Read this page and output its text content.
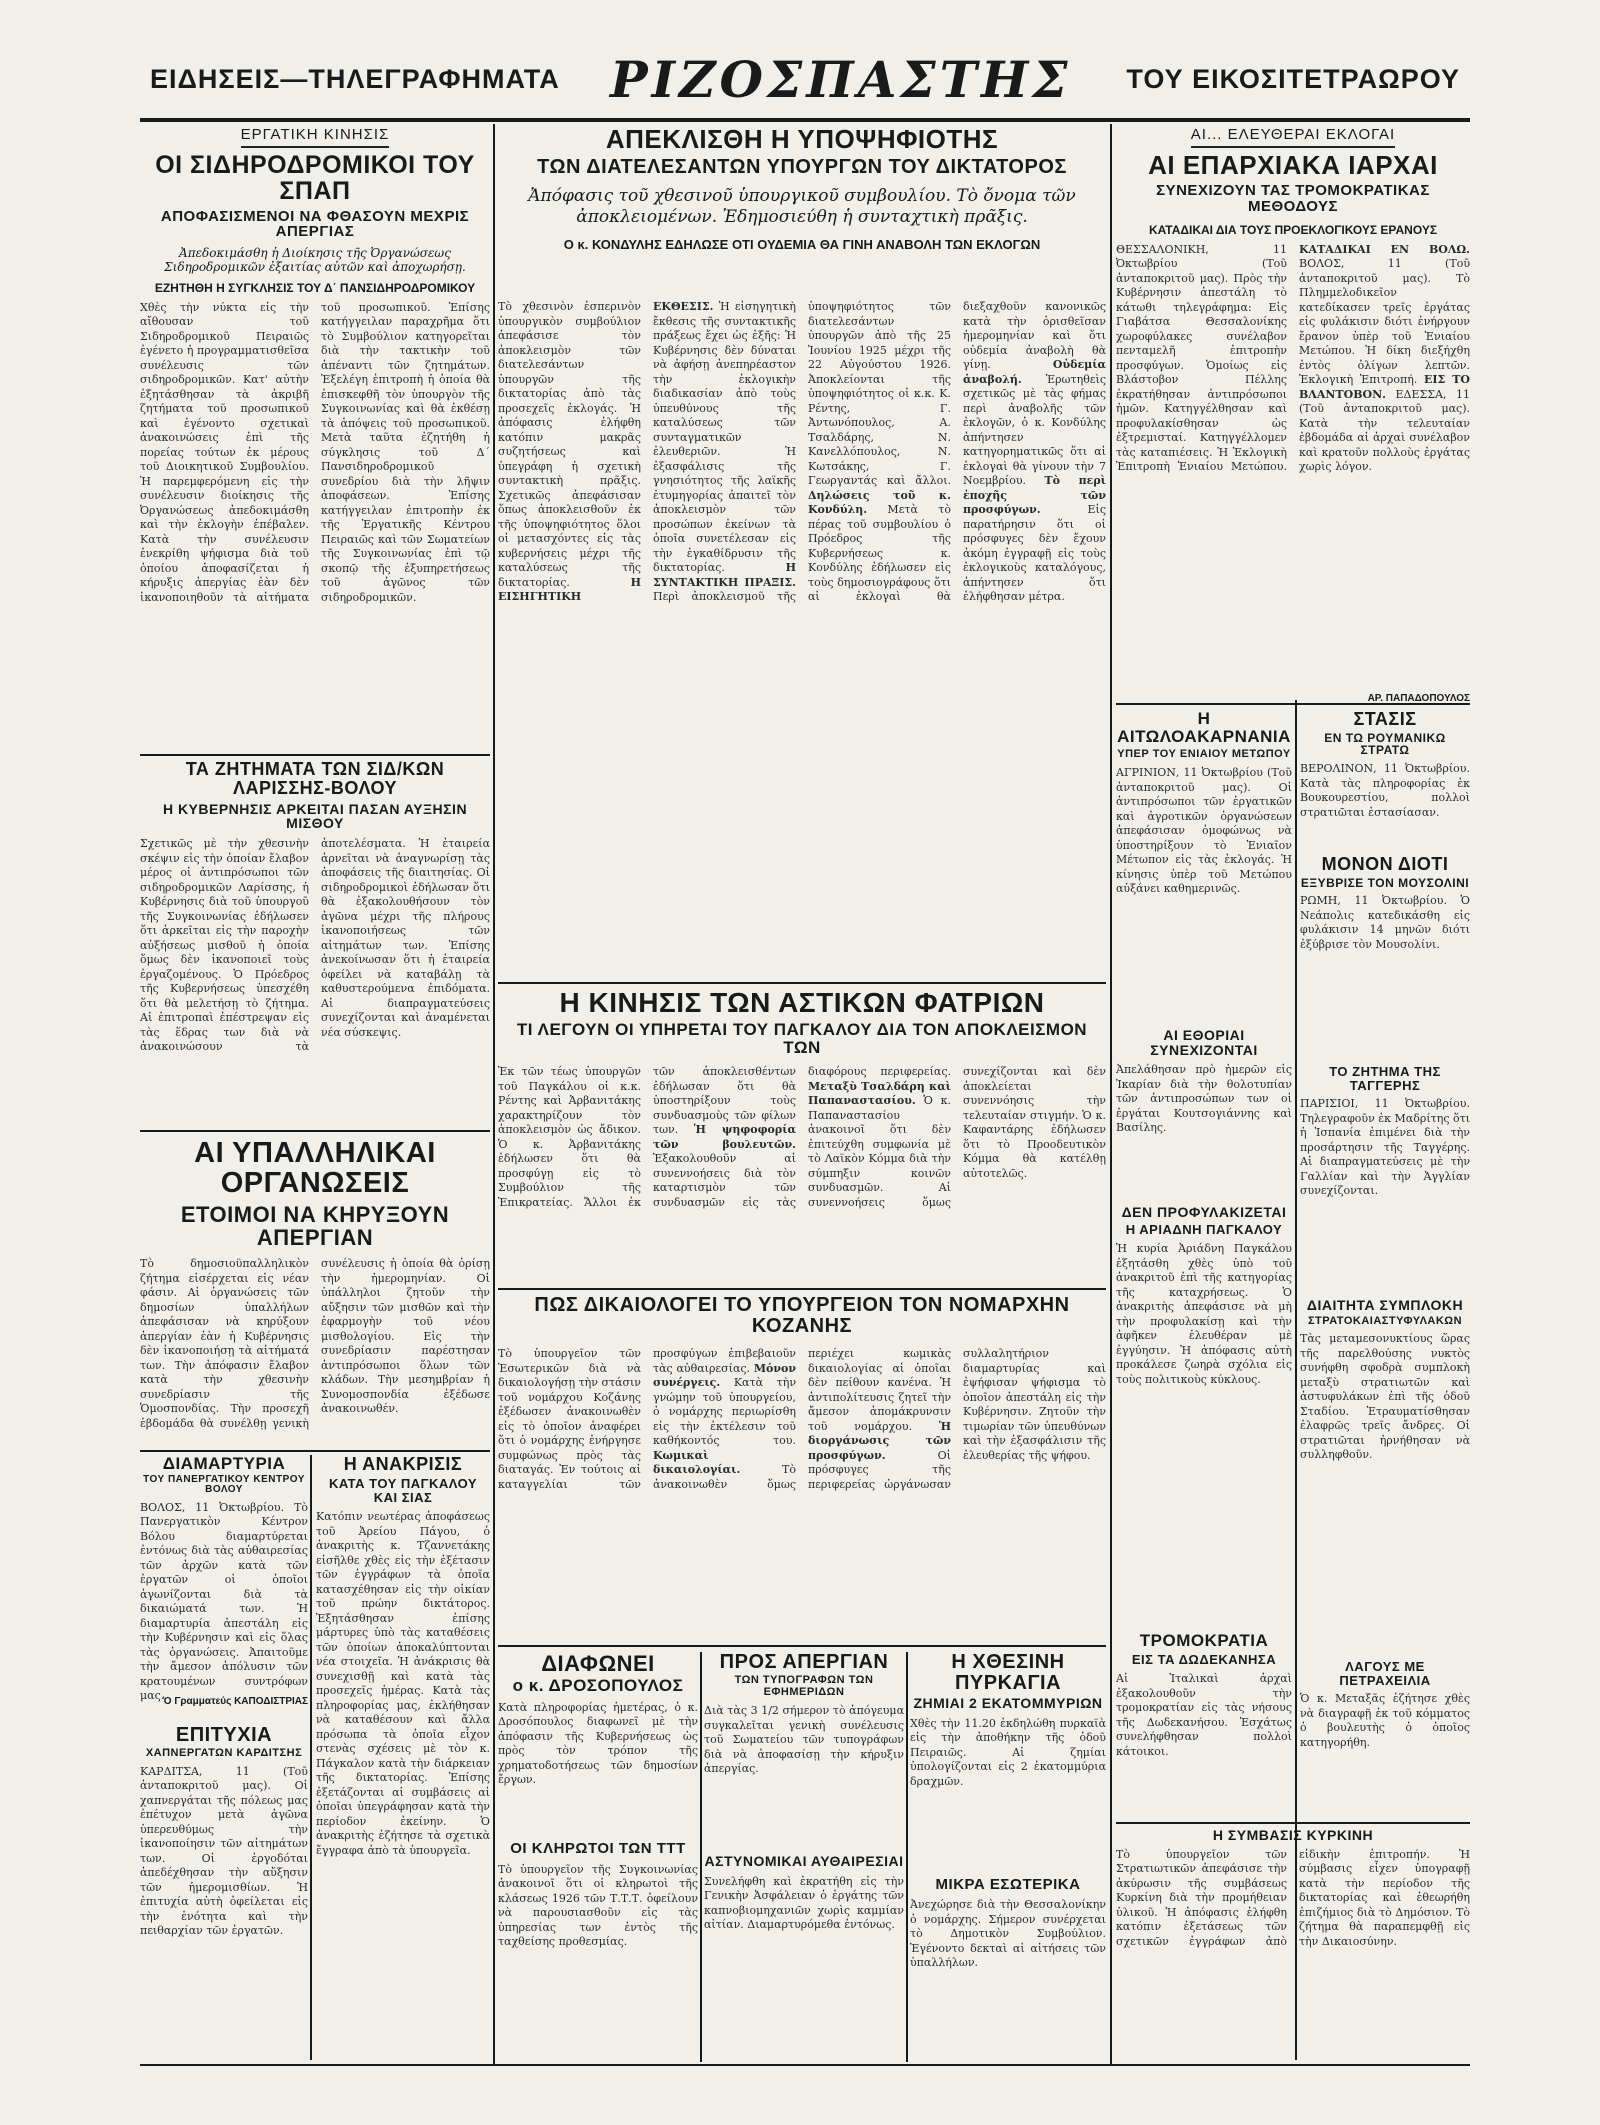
ΕΙΔΗΣΕΙΣ—ΤΗΛΕΓΡΑΦΗΜΑΤΑ ΡΙΖΟΣΠΑΣΤΗΣ ΤΟΥ ΕΙΚΟΣΙΤΕΤΡΑΩΡΟΥ
ΕΡΓΑΤΙΚΗ ΚΙΝΗΣΙΣ
ΟΙ ΣΙΔΗΡΟΔΡΟΜΙΚΟΙ ΤΟΥ ΣΠΑΠ
ΑΠΟΦΑΣΙΣΜΕΝΟΙ ΝΑ ΦΘΑΣΟΥΝ ΜΕΧΡΙΣ ΑΠΕΡΓΙΑΣ
Ἀπεδοκιμάσθη ἡ Διοίκησις τῆς Ὀργανώσεως Σιδηροδρομικῶν ἐξαιτίας αὐτῶν καὶ ἀποχωρήσῃ.
ΕΖΗΤΗΘΗ Η ΣΥΓΚΛΗΣΙΣ ΤΟΥ Δ΄ ΠΑΝΣΙΔΗΡΟΔΡΟΜΙΚΟΥ
Χθὲς τὴν νύκτα εἰς τὴν αἴθουσαν τοῦ Σιδηροδρομικοῦ Πειραιῶς ἐγένετο ἡ προγραμματισθεῖσα συνέλευσις τῶν σιδηροδρομικῶν. Κατ' αὐτὴν ἐξητάσθησαν τὰ ἀκριβῆ ζητήματα τοῦ προσωπικοῦ καὶ ἐγένοντο σχετικαὶ ἀνακοινώσεις ἐπὶ τῆς πορείας τούτων ἐκ μέρους τοῦ Διοικητικοῦ Συμβουλίου. Ἡ παρεμφερόμενη εἰς τὴν συνέλευσιν διοίκησις τῆς Ὀργανώσεως ἀπεδοκιμάσθη καὶ τὴν ἐκλογὴν ἐπέβαλεν. Κατὰ τὴν συνέλευσιν ἐνεκρίθη ψήφισμα διὰ τοῦ ὁποίου ἀποφασίζεται ἡ κήρυξις ἀπεργίας ἐὰν δὲν ἱκανοποιηθοῦν τὰ αἰτήματα τοῦ προσωπικοῦ. Ἐπίσης κατήγγειλαν παραχρῆμα ὅτι τὸ Συμβούλιον κατηγορεῖται διὰ τὴν τακτικὴν τοῦ ἀπέναντι τῶν ζητημάτων. Ἐξελέγη ἐπιτροπὴ ἡ ὁποία θὰ ἐπισκεφθῆ τὸν ὑπουργὸν τῆς Συγκοινωνίας καὶ θὰ ἐκθέσῃ τὰ ἀπόψεις τοῦ προσωπικοῦ. Μετὰ ταῦτα ἐζητήθη ἡ σύγκλησις τοῦ Δ΄ Πανσιδηροδρομικοῦ συνεδρίου διὰ τὴν λῆψιν ἀποφάσεων. Ἐπίσης κατήγγειλαν ἐπιτροπὴν ἐκ τῆς Ἐργατικῆς Κέντρου Πειραιῶς καὶ τῶν Σωματείων τῆς Συγκοινωνίας ἐπὶ τῷ σκοπῷ τῆς ἐξυπηρετήσεως τοῦ ἀγῶνος τῶν σιδηροδρομικῶν.
ΤΑ ΖΗΤΗΜΑΤΑ ΤΩΝ ΣΙΔ/ΚΩΝ ΛΑΡΙΣΣΗΣ-ΒΟΛΟΥ
Η ΚΥΒΕΡΝΗΣΙΣ ΑΡΚΕΙΤΑΙ ΠΑΣΑΝ ΑΥΞΗΣΙΝ ΜΙΣΘΟΥ
Σχετικῶς μὲ τὴν χθεσινὴν σκέψιν εἰς τὴν ὁποίαν ἔλαβον μέρος οἱ ἀντιπρόσωποι τῶν σιδηροδρομικῶν Λαρίσσης, ἡ Κυβέρνησις διὰ τοῦ ὑπουργοῦ τῆς Συγκοινωνίας ἐδήλωσεν ὅτι ἀρκεῖται εἰς τὴν παροχὴν αὐξήσεως μισθοῦ ἡ ὁποία ὅμως δὲν ἱκανοποιεῖ τοὺς ἐργαζομένους. Ὁ Πρόεδρος τῆς Κυβερνήσεως ὑπεσχέθη ὅτι θὰ μελετήσῃ τὸ ζήτημα. Αἱ ἐπιτροπαὶ ἐπέστρεψαν εἰς τὰς ἕδρας των διὰ νὰ ἀνακοινώσουν τὰ ἀποτελέσματα. Ἡ ἐταιρεία ἀρνεῖται νὰ ἀναγνωρίσῃ τὰς ἀποφάσεις τῆς διαιτησίας. Οἱ σιδηροδρομικοὶ ἐδήλωσαν ὅτι θὰ ἐξακολουθήσουν τὸν ἀγῶνα μέχρι τῆς πλήρους ἱκανοποιήσεως τῶν αἰτημάτων των. Ἐπίσης ἀνεκοίνωσαν ὅτι ἡ ἐταιρεία ὀφείλει νὰ καταβάλῃ τὰ καθυστερούμενα ἐπιδόματα. Αἱ διαπραγματεύσεις συνεχίζονται καὶ ἀναμένεται νέα σύσκεψις.
ΑΙ ΥΠΑΛΛΗΛΙΚΑΙ ΟΡΓΑΝΩΣΕΙΣ
ΕΤΟΙΜΟΙ ΝΑ ΚΗΡΥΞΟΥΝ ΑΠΕΡΓΙΑΝ
Τὸ δημοσιοϋπαλληλικὸν ζήτημα εἰσέρχεται εἰς νέαν φάσιν. Αἱ ὀργανώσεις τῶν δημοσίων ὑπαλλήλων ἀπεφάσισαν νὰ κηρύξουν ἀπεργίαν ἐὰν ἡ Κυβέρνησις δὲν ἱκανοποιήσῃ τὰ αἰτήματά των. Τὴν ἀπόφασιν ἔλαβον κατὰ τὴν χθεσινὴν συνεδρίασιν τῆς Ὁμοσπονδίας. Τὴν προσεχῆ ἑβδομάδα θὰ συνέλθῃ γενικὴ συνέλευσις ἡ ὁποία θὰ ὁρίσῃ τὴν ἡμερομηνίαν. Οἱ ὑπάλληλοι ζητοῦν τὴν αὔξησιν τῶν μισθῶν καὶ τὴν ἐφαρμογὴν τοῦ νέου μισθολογίου. Εἰς τὴν συνεδρίασιν παρέστησαν ἀντιπρόσωποι ὅλων τῶν κλάδων. Τὴν μεσημβρίαν ἡ Συνομοσπονδία ἐξέδωσε ἀνακοινωθέν.
ΔΙΑΜΑΡΤΥΡΙΑ
ΤΟΥ ΠΑΝΕΡΓΑΤΙΚΟΥ ΚΕΝΤΡΟΥ ΒΟΛΟΥ
ΒΟΛΟΣ, 11 Ὀκτωβρίου. Τὸ Πανεργατικὸν Κέντρον Βόλου διαμαρτύρεται ἐντόνως διὰ τὰς αὐθαιρεσίας τῶν ἀρχῶν κατὰ τῶν ἐργατῶν οἱ ὁποῖοι ἀγωνίζονται διὰ τὰ δικαιώματά των. Ἡ διαμαρτυρία ἀπεστάλη εἰς τὴν Κυβέρνησιν καὶ εἰς ὅλας τὰς ὀργανώσεις. Ἀπαιτοῦμε τὴν ἄμεσον ἀπόλυσιν τῶν κρατουμένων συντρόφων μας. Ὁ Γραμματεύς ΚΑΠΟΔΙΣΤΡΙΑΣ
ΕΠΙΤΥΧΙΑ
ΧΑΠΝΕΡΓΑΤΩΝ ΚΑΡΔΙΤΣΗΣ
ΚΑΡΔΙΤΣΑ, 11 (Τοῦ ἀνταποκριτοῦ μας). Οἱ χαπνεργάται τῆς πόλεως μας ἐπέτυχον μετὰ ἀγῶνα ὑπερευθύμως τὴν ἱκανοποίησιν τῶν αἰτημάτων των. Οἱ ἐργοδόται ἀπεδέχθησαν τὴν αὔξησιν τῶν ἡμερομισθίων. Ἡ ἐπιτυχία αὐτὴ ὀφείλεται εἰς τὴν ἑνότητα καὶ τὴν πειθαρχίαν τῶν ἐργατῶν.
Η ΑΝΑΚΡΙΣΙΣ
ΚΑΤΑ ΤΟΥ ΠΑΓΚΑΛΟΥ ΚΑΙ ΣΙΑΣ
Κατόπιν νεωτέρας ἀποφάσεως τοῦ Ἀρείου Πάγου, ὁ ἀνακριτὴς κ. Τζαννετάκης εἰσῆλθε χθὲς εἰς τὴν ἐξέτασιν τῶν ἐγγράφων τὰ ὁποῖα κατασχέθησαν εἰς τὴν οἰκίαν τοῦ πρώην δικτάτορος. Ἐξητάσθησαν ἐπίσης μάρτυρες ὑπὸ τὰς καταθέσεις τῶν ὁποίων ἀποκαλύπτονται νέα στοιχεῖα. Ἡ ἀνάκρισις θὰ συνεχισθῇ καὶ κατὰ τὰς προσεχεῖς ἡμέρας. Κατὰ τὰς πληροφορίας μας, ἐκλήθησαν νὰ καταθέσουν καὶ ἄλλα πρόσωπα τὰ ὁποῖα εἶχον στενὰς σχέσεις μὲ τὸν κ. Πάγκαλον κατὰ τὴν διάρκειαν τῆς δικτατορίας. Ἐπίσης ἐξετάζονται αἱ συμβάσεις αἱ ὁποῖαι ὑπεγράφησαν κατὰ τὴν περίοδον ἐκείνην. Ὁ ἀνακριτὴς ἐζήτησε τὰ σχετικὰ ἔγγραφα ἀπὸ τὰ ὑπουργεῖα.
ΑΠΕΚΛΙΣΘΗ Η ΥΠΟΨΗΦΙΟΤΗΣ
ΤΩΝ ΔΙΑΤΕΛΕΣΑΝΤΩΝ ΥΠΟΥΡΓΩΝ ΤΟΥ ΔΙΚΤΑΤΟΡΟΣ
Ἀπόφασις τοῦ χθεσινοῦ ὑπουργικοῦ συμβουλίου. Τὸ ὄνομα τῶν ἀποκλειομένων. Ἐδημοσιεύθη ἡ συνταχτικὴ πρᾶξις.
Ο κ. ΚΟΝΔΥΛΗΣ ΕΔΗΛΩΣΕ ΟΤΙ ΟΥΔΕΜΙΑ ΘΑ ΓΙΝΗ ΑΝΑΒΟΛΗ ΤΩΝ ΕΚΛΟΓΩΝ
Τὸ χθεσινὸν ἑσπερινὸν ὑπουργικὸν συμβούλιον ἀπεφάσισε τὸν ἀποκλεισμὸν τῶν διατελεσάντων ὑπουργῶν τῆς δικτατορίας ἀπὸ τὰς προσεχεῖς ἐκλογάς. Ἡ ἀπόφασις ἐλήφθη κατόπιν μακρᾶς συζητήσεως καὶ ὑπεγράφη ἡ σχετικὴ συντακτικὴ πρᾶξις. Σχετικῶς ἀπεφάσισαν ὅπως ἀποκλεισθοῦν ἐκ τῆς ὑποψηφιότητος ὅλοι οἱ μετασχόντες εἰς τὰς κυβερνήσεις μέχρι τῆς καταλύσεως τῆς δικτατορίας. Η ΕΙΣΗΓΗΤΙΚΗ ΕΚΘΕΣΙΣ. Ἡ εἰσηγητικὴ ἔκθεσις τῆς συντακτικῆς πράξεως ἔχει ὡς ἑξῆς: Ἡ Κυβέρνησις δὲν δύναται νὰ ἀφήσῃ ἀνεπηρέαστον τὴν ἐκλογικὴν διαδικασίαν ἀπὸ τοὺς ὑπευθύνους τῆς καταλύσεως τῶν συνταγματικῶν ἐλευθεριῶν. Ἡ ἐξασφάλισις τῆς γνησιότητος τῆς λαϊκῆς ἐτυμηγορίας ἀπαιτεῖ τὸν ἀποκλεισμὸν τῶν προσώπων ἐκείνων τὰ ὁποῖα συνετέλεσαν εἰς τὴν ἐγκαθίδρυσιν τῆς δικτατορίας. Η ΣΥΝΤΑΚΤΙΚΗ ΠΡΑΞΙΣ. Περὶ ἀποκλεισμοῦ τῆς ὑποψηφιότητος τῶν διατελεσάντων ὑπουργῶν ἀπὸ τῆς 25 Ἰουνίου 1925 μέχρι τῆς 22 Αὐγούστου 1926. Ἀποκλείονται τῆς ὑποψηφιότητος οἱ κ.κ. Κ. Ρέντης, Γ. Ἀντωνόπουλος, Α. Τσαλδάρης, Ν. Κανελλόπουλος, Ν. Κωτσάκης, Γ. Γεωργαντάς καὶ ἄλλοι. Δηλώσεις τοῦ κ. Κονδύλη. Μετὰ τὸ πέρας τοῦ συμβουλίου ὁ Πρόεδρος τῆς Κυβερνήσεως κ. Κονδύλης ἐδήλωσεν εἰς τοὺς δημοσιογράφους ὅτι αἱ ἐκλογαὶ θὰ διεξαχθοῦν κανονικῶς κατὰ τὴν ὁρισθεῖσαν ἡμερομηνίαν καὶ ὅτι οὐδεμία ἀναβολὴ θὰ γίνῃ. Οὐδεμία ἀναβολή. Ἐρωτηθεὶς σχετικῶς μὲ τὰς φήμας περὶ ἀναβολῆς τῶν ἐκλογῶν, ὁ κ. Κονδύλης ἀπήντησεν κατηγορηματικῶς ὅτι αἱ ἐκλογαὶ θὰ γίνουν τὴν 7 Νοεμβρίου. Τὸ περὶ ἐποχῆς τῶν προσφύγων. Εἰς παρατήρησιν ὅτι οἱ πρόσφυγες δὲν ἔχουν ἀκόμη ἐγγραφῇ εἰς τοὺς ἐκλογικοὺς καταλόγους, ἀπήντησεν ὅτι ἐλήφθησαν μέτρα.
Η ΚΙΝΗΣΙΣ ΤΩΝ ΑΣΤΙΚΩΝ ΦΑΤΡΙΩΝ
ΤΙ ΛΕΓΟΥΝ ΟΙ ΥΠΗΡΕΤΑΙ ΤΟΥ ΠΑΓΚΑΛΟΥ ΔΙΑ ΤΟΝ ΑΠΟΚΛΕΙΣΜΟΝ ΤΩΝ
Ἐκ τῶν τέως ὑπουργῶν τοῦ Παγκάλου οἱ κ.κ. Ρέντης καὶ Ἀρβανιτάκης χαρακτηρίζουν τὸν ἀποκλεισμὸν ὡς ἄδικον. Ὁ κ. Ἀρβανιτάκης ἐδήλωσεν ὅτι θὰ προσφύγῃ εἰς τὸ Συμβούλιον τῆς Ἐπικρατείας. Ἄλλοι ἐκ τῶν ἀποκλεισθέντων ἐδήλωσαν ὅτι θὰ ὑποστηρίξουν τοὺς συνδυασμοὺς τῶν φίλων των. Ἡ ψηφοφορία τῶν βουλευτῶν. Ἐξακολουθοῦν αἱ συνεννοήσεις διὰ τὸν καταρτισμὸν τῶν συνδυασμῶν εἰς τὰς διαφόρους περιφερείας. Μεταξὺ Τσαλδάρη καὶ Παπαναστασίου. Ὁ κ. Παπαναστασίου ἀνακοινοῖ ὅτι δὲν ἐπιτεύχθη συμφωνία μὲ τὸ Λαϊκὸν Κόμμα διὰ τὴν σύμπηξιν κοινῶν συνδυασμῶν. Αἱ συνεννοήσεις ὅμως συνεχίζονται καὶ δὲν ἀποκλείεται συνεννόησις τὴν τελευταίαν στιγμήν. Ὁ κ. Καφαντάρης ἐδήλωσεν ὅτι τὸ Προοδευτικὸν Κόμμα θὰ κατέλθῃ αὐτοτελῶς.
ΠΩΣ ΔΙΚΑΙΟΛΟΓΕΙ ΤΟ ΥΠΟΥΡΓΕΙΟΝ ΤΟΝ ΝΟΜΑΡΧΗΝ ΚΟΖΑΝΗΣ
Τὸ ὑπουργεῖον τῶν Ἐσωτερικῶν διὰ νὰ δικαιολογήσῃ τὴν στάσιν τοῦ νομάρχου Κοζάνης ἐξέδωσεν ἀνακοινωθὲν εἰς τὸ ὁποῖον ἀναφέρει ὅτι ὁ νομάρχης ἐνήργησε συμφώνως πρὸς τὰς διαταγάς. Ἐν τούτοις αἱ καταγγελίαι τῶν προσφύγων ἐπιβεβαιοῦν τὰς αὐθαιρεσίας. Μόνον συνέργεις. Κατὰ τὴν γνώμην τοῦ ὑπουργείου, ὁ νομάρχης περιωρίσθη εἰς τὴν ἐκτέλεσιν τοῦ καθήκοντός του. Κωμικαὶ δικαιολογίαι. Τὸ ἀνακοινωθὲν ὅμως περιέχει κωμικὰς δικαιολογίας αἱ ὁποῖαι δὲν πείθουν κανένα. Ἡ ἀντιπολίτευσις ζητεῖ τὴν ἄμεσον ἀπομάκρυνσιν τοῦ νομάρχου. Ἡ διοργάνωσις τῶν προσφύγων. Οἱ πρόσφυγες τῆς περιφερείας ὠργάνωσαν συλλαλητήριον διαμαρτυρίας καὶ ἐψήφισαν ψήφισμα τὸ ὁποῖον ἀπεστάλη εἰς τὴν Κυβέρνησιν. Ζητοῦν τὴν τιμωρίαν τῶν ὑπευθύνων καὶ τὴν ἐξασφάλισιν τῆς ἐλευθερίας τῆς ψήφου.
ΔΙΑΦΩΝΕΙ
ο κ. ΔΡΟΣΟΠΟΥΛΟΣ
Κατὰ πληροφορίας ἡμετέρας, ὁ κ. Δροσόπουλος διαφωνεῖ μὲ τὴν ἀπόφασιν τῆς Κυβερνήσεως ὡς πρὸς τὸν τρόπον τῆς χρηματοδοτήσεως τῶν δημοσίων ἔργων.
ΟΙ ΚΛΗΡΩΤΟΙ ΤΩΝ ΤΤΤ
Τὸ ὑπουργεῖον τῆς Συγκοινωνίας ἀνακοινοῖ ὅτι οἱ κληρωτοὶ τῆς κλάσεως 1926 τῶν Τ.Τ.Τ. ὀφείλουν νὰ παρουσιασθοῦν εἰς τὰς ὑπηρεσίας των ἐντὸς τῆς ταχθείσης προθεσμίας.
ΠΡΟΣ ΑΠΕΡΓΙΑΝ
ΤΩΝ ΤΥΠΟΓΡΑΦΩΝ ΤΩΝ ΕΦΗΜΕΡΙΔΩΝ
Διὰ τὰς 3 1/2 σήμερον τὸ ἀπόγευμα συγκαλεῖται γενικὴ συνέλευσις τοῦ Σωματείου τῶν τυπογράφων διὰ νὰ ἀποφασίσῃ τὴν κήρυξιν ἀπεργίας.
ΑΣΤΥΝΟΜΙΚΑΙ ΑΥΘΑΙΡΕΣΙΑΙ
Συνελήφθη καὶ ἐκρατήθη εἰς τὴν Γενικὴν Ἀσφάλειαν ὁ ἐργάτης τῶν καπνοβιομηχανιῶν χωρὶς καμμίαν αἰτίαν. Διαμαρτυρόμεθα ἐντόνως.
Η ΧΘΕΣΙΝΗ ΠΥΡΚΑΓΙΑ
ΖΗΜΙΑΙ 2 ΕΚΑΤΟΜΜΥΡΙΩΝ
Χθὲς τὴν 11.20 ἐκδηλώθη πυρκαϊὰ εἰς τὴν ἀποθήκην τῆς ὁδοῦ Πειραιῶς. Αἱ ζημίαι ὑπολογίζονται εἰς 2 ἑκατομμύρια δραχμῶν.
ΜΙΚΡΑ ΕΣΩΤΕΡΙΚΑ
Ἀνεχώρησε διὰ τὴν Θεσσαλονίκην ὁ νομάρχης. Σήμερον συνέρχεται τὸ Δημοτικὸν Συμβούλιον. Ἐγένοντο δεκταὶ αἱ αἰτήσεις τῶν ὑπαλλήλων.
ΑΙ... ΕΛΕΥΘΕΡΑΙ ΕΚΛΟΓΑΙ
ΑΙ ΕΠΑΡΧΙΑΚΑ ΙΑΡΧΑΙ
ΣΥΝΕΧΙΖΟΥΝ ΤΑΣ ΤΡΟΜΟΚΡΑΤΙΚΑΣ ΜΕΘΟΔΟΥΣ
ΚΑΤΑΔΙΚΑΙ ΔΙΑ ΤΟΥΣ ΠΡΟΕΚΛΟΓΙΚΟΥΣ ΕΡΑΝΟΥΣ
ΘΕΣΣΑΛΟΝΙΚΗ, 11 Ὀκτωβρίου (Τοῦ ἀνταποκριτοῦ μας). Πρὸς τὴν Κυβέρνησιν ἀπεστάλη τὸ κάτωθι τηλεγράφημα: Εἰς Γιαβάτσα Θεσσαλονίκης χωροφύλακες συνέλαβον πενταμελῆ ἐπιτροπὴν προσφύγων. Ὁμοίως εἰς Βλάστοβον Πέλλης ἐκρατήθησαν ἀντιπρόσωποι ἡμῶν. Κατηγγέλθησαν καὶ προφυλακίσθησαν ὡς ἐξτρεμισταί. Κατηγγέλλομεν τὰς καταπιέσεις. Ἡ Ἐκλογικὴ Ἐπιτροπὴ Ἑνιαίου Μετώπου. ΚΑΤΑΔΙΚΑΙ ΕΝ ΒΟΛΩ. ΒΟΛΟΣ, 11 (Τοῦ ἀνταποκριτοῦ μας). Τὸ Πλημμελοδικεῖον κατεδίκασεν τρεῖς ἐργάτας εἰς φυλάκισιν διότι ἐνήργουν ἔρανον ὑπὲρ τοῦ Ἑνιαίου Μετώπου. Ἡ δίκη διεξήχθη ἐντὸς ὀλίγων λεπτῶν. Ἐκλογικὴ Ἐπιτροπή. ΕΙΣ ΤΟ ΒΛΑΝΤΟΒΟΝ. ΕΔΕΣΣΑ, 11 (Τοῦ ἀνταποκριτοῦ μας). Κατὰ τὴν τελευταίαν ἐβδομάδα αἱ ἀρχαὶ συνέλαβον καὶ κρατοῦν πολλοὺς ἐργάτας χωρὶς λόγον.
ΑΡ. ΠΑΠΑΔΟΠΟΥΛΟΣ
Η ΑΙΤΩΛΟΑΚΑΡΝΑΝΙΑ
ΥΠΕΡ ΤΟΥ ΕΝΙΑΙΟΥ ΜΕΤΩΠΟΥ
ΑΓΡΙΝΙΟΝ, 11 Ὀκτωβρίου (Τοῦ ἀνταποκριτοῦ μας). Οἱ ἀντιπρόσωποι τῶν ἐργατικῶν καὶ ἀγροτικῶν ὀργανώσεων ἀπεφάσισαν ὁμοφώνως νὰ ὑποστηρίξουν τὸ Ἑνιαῖον Μέτωπον εἰς τὰς ἐκλογάς. Ἡ κίνησις ὑπὲρ τοῦ Μετώπου αὐξάνει καθημερινῶς.
ΑΙ ΕΘΟΡΙΑΙ ΣΥΝΕΧΙΖΟΝΤΑΙ
Ἀπελάθησαν πρὸ ἡμερῶν εἰς Ἰκαρίαν διὰ τὴν θολοτυπίαν τῶν ἀντιπροσώπων των οἱ ἐργάται Κουτσογιάννης καὶ Βασίλης.
ΔΕΝ ΠΡΟΦΥΛΑΚΙΖΕΤΑΙ
Η ΑΡΙΑΔΝΗ ΠΑΓΚΑΛΟΥ
Ἡ κυρία Ἀριάδνη Παγκάλου ἐξητάσθη χθὲς ὑπὸ τοῦ ἀνακριτοῦ ἐπὶ τῆς κατηγορίας τῆς καταχρήσεως. Ὁ ἀνακριτὴς ἀπεφάσισε νὰ μὴ τὴν προφυλακίσῃ καὶ τὴν ἀφῆκεν ἐλευθέραν μὲ ἐγγύησιν. Ἡ ἀπόφασις αὐτὴ προκάλεσε ζωηρὰ σχόλια εἰς τοὺς πολιτικοὺς κύκλους.
ΤΡΟΜΟΚΡΑΤΙΑ
ΕΙΣ ΤΑ ΔΩΔΕΚΑΝΗΣΑ
Αἱ Ἰταλικαὶ ἀρχαὶ ἐξακολουθοῦν τὴν τρομοκρατίαν εἰς τὰς νήσους τῆς Δωδεκανήσου. Ἐσχάτως συνελήφθησαν πολλοὶ κάτοικοι.
ΣΤΑΣΙΣ
ΕΝ ΤΩ ΡΟΥΜΑΝΙΚΩ ΣΤΡΑΤΩ
ΒΕΡΟΛΙΝΟΝ, 11 Ὀκτωβρίου. Κατὰ τὰς πληροφορίας ἐκ Βουκουρεστίου, πολλοὶ στρατιῶται ἐστασίασαν.
ΜΟΝΟΝ ΔΙΟΤΙ
ΕΞΥΒΡΙΣΕ ΤΟΝ ΜΟΥΣΟΛΙΝΙ
ΡΩΜΗ, 11 Ὀκτωβρίου. Ὁ Νεάπολις κατεδικάσθη εἰς φυλάκισιν 14 μηνῶν διότι ἐξύβρισε τὸν Μουσολίνι.
ΤΟ ΖΗΤΗΜΑ ΤΗΣ ΤΑΓΓΕΡΗΣ
ΠΑΡΙΣΙΟΙ, 11 Ὀκτωβρίου. Τηλεγραφοῦν ἐκ Μαδρίτης ὅτι ἡ Ἰσπανία ἐπιμένει διὰ τὴν προσάρτησιν τῆς Ταγγέρης. Αἱ διαπραγματεύσεις μὲ τὴν Γαλλίαν καὶ τὴν Ἀγγλίαν συνεχίζονται.
ΔΙΑΙΤΗΤΑ ΣΥΜΠΛΟΚΗ
ΣΤΡΑΤΟΚΑΙΑΣΤΥΦΥΛΑΚΩΝ
Τὰς μεταμεσονυκτίους ὥρας τῆς παρελθούσης νυκτὸς συνήφθη σφοδρὰ συμπλοκὴ μεταξὺ στρατιωτῶν καὶ ἀστυφυλάκων ἐπὶ τῆς ὁδοῦ Σταδίου. Ἐτραυματίσθησαν ἐλαφρῶς τρεῖς ἄνδρες. Οἱ στρατιῶται ἠρνήθησαν νὰ συλληφθοῦν.
ΛΑΓΟΥΣ ΜΕ ΠΕΤΡΑΧΕΙΛΙΑ
Ὁ κ. Μεταξᾶς ἐζήτησε χθὲς νὰ διαγραφῇ ἐκ τοῦ κόμματος ὁ βουλευτὴς ὁ ὁποῖος κατηγορήθη.
Η ΣΥΜΒΑΣΙΣ ΚΥΡΚΙΝΗ
Τὸ ὑπουργεῖον τῶν Στρατιωτικῶν ἀπεφάσισε τὴν ἀκύρωσιν τῆς συμβάσεως Κυρκίνη διὰ τὴν προμήθειαν ὑλικοῦ. Ἡ ἀπόφασις ἐλήφθη κατόπιν ἐξετάσεως τῶν σχετικῶν ἐγγράφων ἀπὸ εἰδικὴν ἐπιτροπήν. Ἡ σύμβασις εἶχεν ὑπογραφῇ κατὰ τὴν περίοδον τῆς δικτατορίας καὶ ἐθεωρήθη ἐπιζήμιος διὰ τὸ Δημόσιον. Τὸ ζήτημα θὰ παραπεμφθῇ εἰς τὴν Δικαιοσύνην.
